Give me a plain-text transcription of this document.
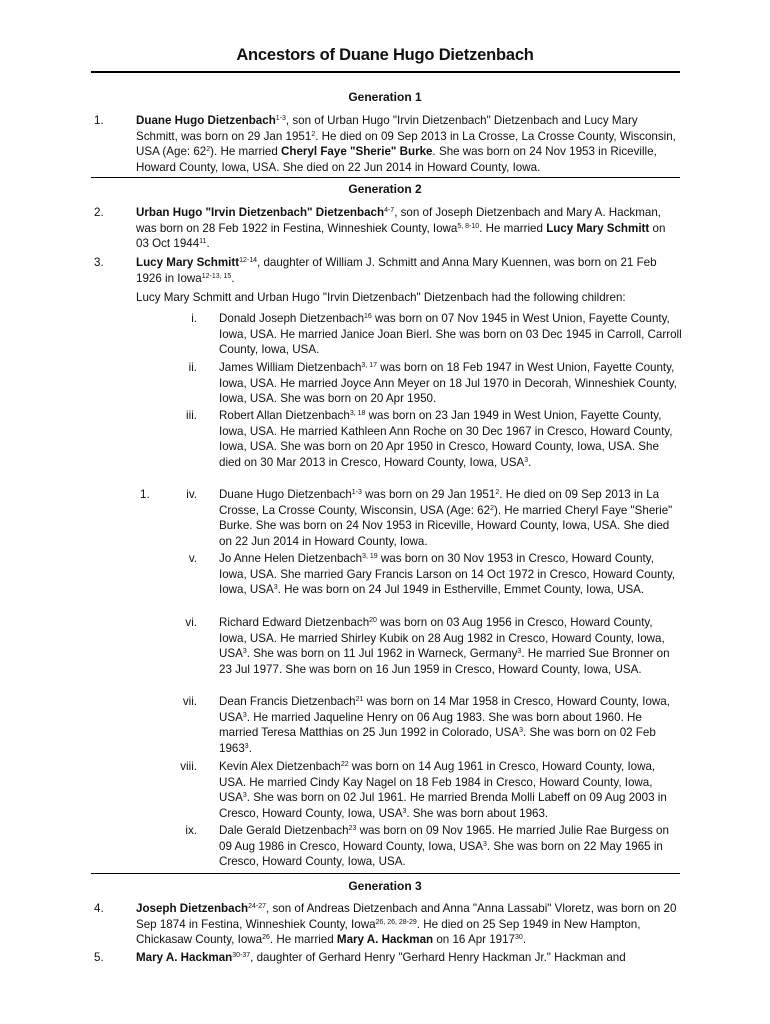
Ancestors of Duane Hugo Dietzenbach
Generation 1
1.	Duane Hugo Dietzenbach$^{1-3}$, son of Urban Hugo "Irvin Dietzenbach" Dietzenbach and Lucy Mary Schmitt, was born on 29 Jan 1951$^2$. He died on 09 Sep 2013 in La Crosse, La Crosse County, Wisconsin, USA (Age: $62^2$). He married Cheryl Faye "Sherie" Burke. She was born on 24 Nov 1953 in Riceville, Howard County, Iowa, USA. She died on 22 Jun 2014 in Howard County, Iowa.
Generation 2
2.	Urban Hugo "Irvin Dietzenbach" Dietzenbach$^{4-7}$, son of Joseph Dietzenbach and Mary A. Hackman, was born on 28 Feb 1922 in Festina, Winneshiek County, Iowa$^{5, 8-10}$. He married Lucy Mary Schmitt on 03 Oct 1944$^{11}$.
3.	Lucy Mary Schmitt$^{12-14}$, daughter of William J. Schmitt and Anna Mary Kuennen, was born on 21 Feb 1926 in Iowa$^{12-13, 15}$.
Lucy Mary Schmitt and Urban Hugo "Irvin Dietzenbach" Dietzenbach had the following children:
i. Donald Joseph Dietzenbach$^{16}$ was born on 07 Nov 1945 in West Union, Fayette County, Iowa, USA. He married Janice Joan Bierl. She was born on 03 Dec 1945 in Carroll, Carroll County, Iowa, USA.
ii. James William Dietzenbach$^{3, 17}$ was born on 18 Feb 1947 in West Union, Fayette County, Iowa, USA. He married Joyce Ann Meyer on 18 Jul 1970 in Decorah, Winneshiek County, Iowa, USA. She was born on 20 Apr 1950.
iii. Robert Allan Dietzenbach$^{3, 18}$ was born on 23 Jan 1949 in West Union, Fayette County, Iowa, USA. He married Kathleen Ann Roche on 30 Dec 1967 in Cresco, Howard County, Iowa, USA. She was born on 20 Apr 1950 in Cresco, Howard County, Iowa, USA. She died on 30 Mar 2013 in Cresco, Howard County, Iowa, USA$^3$.
1.	iv. Duane Hugo Dietzenbach$^{1-3}$ was born on 29 Jan 1951$^2$. He died on 09 Sep 2013 in La Crosse, La Crosse County, Wisconsin, USA (Age: $62^2$). He married Cheryl Faye "Sherie" Burke. She was born on 24 Nov 1953 in Riceville, Howard County, Iowa, USA. She died on 22 Jun 2014 in Howard County, Iowa.
v. Jo Anne Helen Dietzenbach$^{3, 19}$ was born on 30 Nov 1953 in Cresco, Howard County, Iowa, USA. She married Gary Francis Larson on 14 Oct 1972 in Cresco, Howard County, Iowa, USA$^3$. He was born on 24 Jul 1949 in Estherville, Emmet County, Iowa, USA.
vi. Richard Edward Dietzenbach$^{20}$ was born on 03 Aug 1956 in Cresco, Howard County, Iowa, USA. He married Shirley Kubik on 28 Aug 1982 in Cresco, Howard County, Iowa, USA$^3$. She was born on 11 Jul 1962 in Warneck, Germany$^3$. He married Sue Bronner on 23 Jul 1977. She was born on 16 Jun 1959 in Cresco, Howard County, Iowa, USA.
vii. Dean Francis Dietzenbach$^{21}$ was born on 14 Mar 1958 in Cresco, Howard County, Iowa, USA$^3$. He married Jaqueline Henry on 06 Aug 1983. She was born about 1960. He married Teresa Matthias on 25 Jun 1992 in Colorado, USA$^3$. She was born on 02 Feb 1963$^3$.
viii. Kevin Alex Dietzenbach$^{22}$ was born on 14 Aug 1961 in Cresco, Howard County, Iowa, USA. He married Cindy Kay Nagel on 18 Feb 1984 in Cresco, Howard County, Iowa, USA$^3$. She was born on 02 Jul 1961. He married Brenda Molli Labeff on 09 Aug 2003 in Cresco, Howard County, Iowa, USA$^3$. She was born about 1963.
ix. Dale Gerald Dietzenbach$^{23}$ was born on 09 Nov 1965. He married Julie Rae Burgess on 09 Aug 1986 in Cresco, Howard County, Iowa, USA$^3$. She was born on 22 May 1965 in Cresco, Howard County, Iowa, USA.
Generation 3
4.	Joseph Dietzenbach$^{24-27}$, son of Andreas Dietzenbach and Anna "Anna Lassabi" Vloretz, was born on 20 Sep 1874 in Festina, Winneshiek County, Iowa$^{26, 26, 28-29}$. He died on 25 Sep 1949 in New Hampton, Chickasaw County, Iowa$^{26}$. He married Mary A. Hackman on 16 Apr 1917$^{30}$.
5.	Mary A. Hackman$^{30-37}$, daughter of Gerhard Henry "Gerhard Henry Hackman Jr." Hackman and
